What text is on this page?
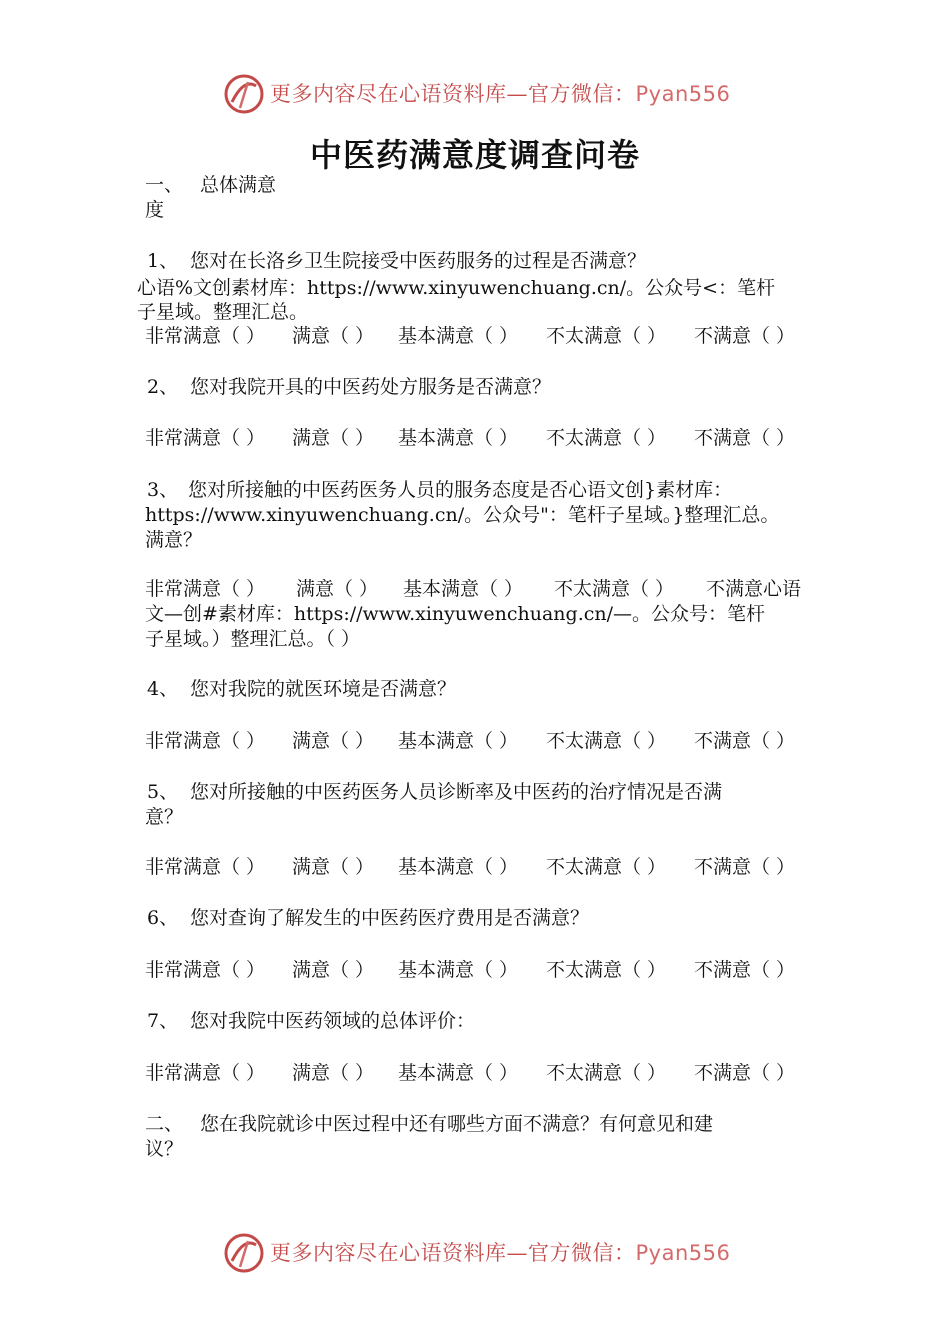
更多内容尽在心语资料库—官方微信：Pyan556
中医药满意度调查问卷
一、 总体满意
度
1、 您对在长洛乡卫生院接受中医药服务的过程是否满意？
心语%文创素材库：https://www.xinyuwenchuang.cn/。公众号<：笔杆
子星域。整理汇总。
非常满意（ ） 满意（ ） 基本满意（ ） 不太满意（ ） 不满意（ ）
2、 您对我院开具的中医药处方服务是否满意？
非常满意（ ） 满意（ ） 基本满意（ ） 不太满意（ ） 不满意（ ）
3、 您对所接触的中医药医务人员的服务态度是否心语文创}素材库：
https://www.xinyuwenchuang.cn/。公众号"：笔杆子星域。}整理汇总。
满意？
非常满意（ ） 满意（ ） 基本满意（ ） 不太满意（ ） 不满意心语
文—创#素材库：https://www.xinyuwenchuang.cn/—。公众号：笔杆
子星域。）整理汇总。（ ）
4、 您对我院的就医环境是否满意？
非常满意（ ） 满意（ ） 基本满意（ ） 不太满意（ ） 不满意（ ）
5、 您对所接触的中医药医务人员诊断率及中医药的治疗情况是否满
意？
非常满意（ ） 满意（ ） 基本满意（ ） 不太满意（ ） 不满意（ ）
6、 您对查询了解发生的中医药医疗费用是否满意？
非常满意（ ） 满意（ ） 基本满意（ ） 不太满意（ ） 不满意（ ）
7、 您对我院中医药领域的总体评价：
非常满意（ ） 满意（ ） 基本满意（ ） 不太满意（ ） 不满意（ ）
二、 您在我院就诊中医过程中还有哪些方面不满意？有何意见和建
议？
更多内容尽在心语资料库—官方微信：Pyan556
